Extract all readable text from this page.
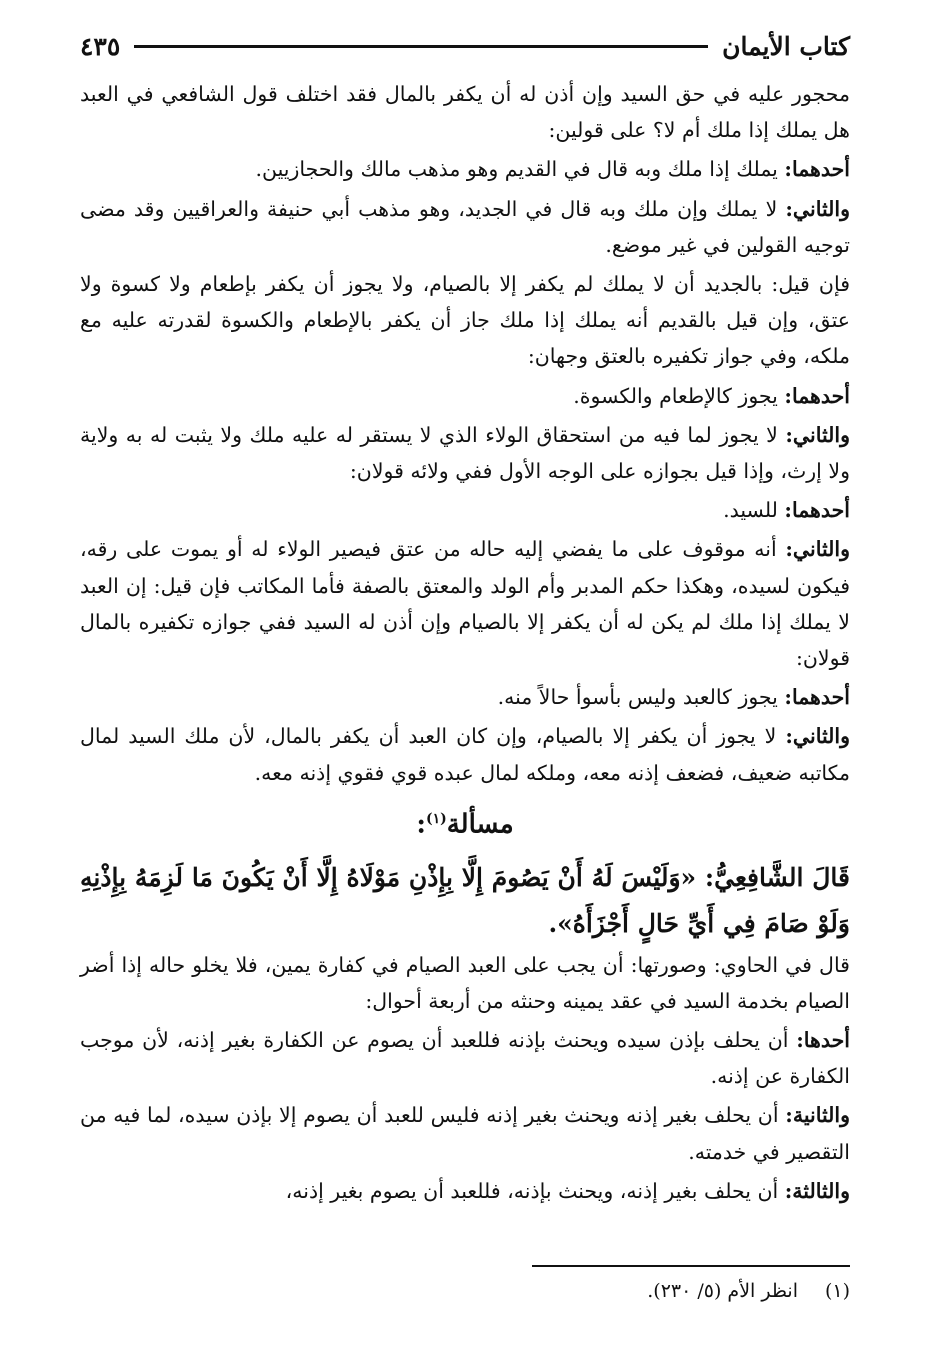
كتاب الأيمان
٤٣٥

محجور عليه في حق السيد وإن أذن له أن يكفر بالمال فقد اختلف قول الشافعي في العبد هل يملك إذا ملك أم لا؟ على قولين:

أحدهما: يملك إذا ملك وبه قال في القديم وهو مذهب مالك والحجازيين.

والثاني: لا يملك وإن ملك وبه قال في الجديد، وهو مذهب أبي حنيفة والعراقيين وقد مضى توجيه القولين في غير موضع.

فإن قيل: بالجديد أن لا يملك لم يكفر إلا بالصيام، ولا يجوز أن يكفر بإطعام ولا كسوة ولا عتق، وإن قيل بالقديم أنه يملك إذا ملك جاز أن يكفر بالإطعام والكسوة لقدرته عليه مع ملكه، وفي جواز تكفيره بالعتق وجهان:

أحدهما: يجوز كالإطعام والكسوة.

والثاني: لا يجوز لما فيه من استحقاق الولاء الذي لا يستقر له عليه ملك ولا يثبت له به ولاية ولا إرث، وإذا قيل بجوازه على الوجه الأول ففي ولائه قولان:

أحدهما: للسيد.

والثاني: أنه موقوف على ما يفضي إليه حاله من عتق فيصير الولاء له أو يموت على رقه، فيكون لسيده، وهكذا حكم المدبر وأم الولد والمعتق بالصفة فأما المكاتب فإن قيل: إن العبد لا يملك إذا ملك لم يكن له أن يكفر إلا بالصيام وإن أذن له السيد ففي جوازه تكفيره بالمال قولان:

أحدهما: يجوز كالعبد وليس بأسوأ حالاً منه.

والثاني: لا يجوز أن يكفر إلا بالصيام، وإن كان العبد أن يكفر بالمال، لأن ملك السيد لمال مكاتبه ضعيف، فضعف إذنه معه، وملكه لمال عبده قوي فقوي إذنه معه.

مسألة$^{(١)}$:

قَالَ الشَّافِعِيُّ: «وَلَيْسَ لَهُ أَنْ يَصُومَ إِلَّا بِإِذْنِ مَوْلَاهُ إِلَّا أَنْ يَكُونَ مَا لَزِمَهُ بِإِذْنِهِ وَلَوْ صَامَ فِي أَيِّ حَالٍ أَجْزَأَهُ».

قال في الحاوي: وصورتها: أن يجب على العبد الصيام في كفارة يمين، فلا يخلو حاله إذا أضر الصيام بخدمة السيد في عقد يمينه وحنثه من أربعة أحوال:

أحدها: أن يحلف بإذن سيده ويحنث بإذنه فللعبد أن يصوم عن الكفارة بغير إذنه، لأن موجب الكفارة عن إذنه.

والثانية: أن يحلف بغير إذنه ويحنث بغير إذنه فليس للعبد أن يصوم إلا بإذن سيده، لما فيه من التقصير في خدمته.

والثالثة: أن يحلف بغير إذنه، ويحنث بإذنه، فللعبد أن يصوم بغير إذنه،

(١)انظر الأم (٥/ ٢٣٠).
